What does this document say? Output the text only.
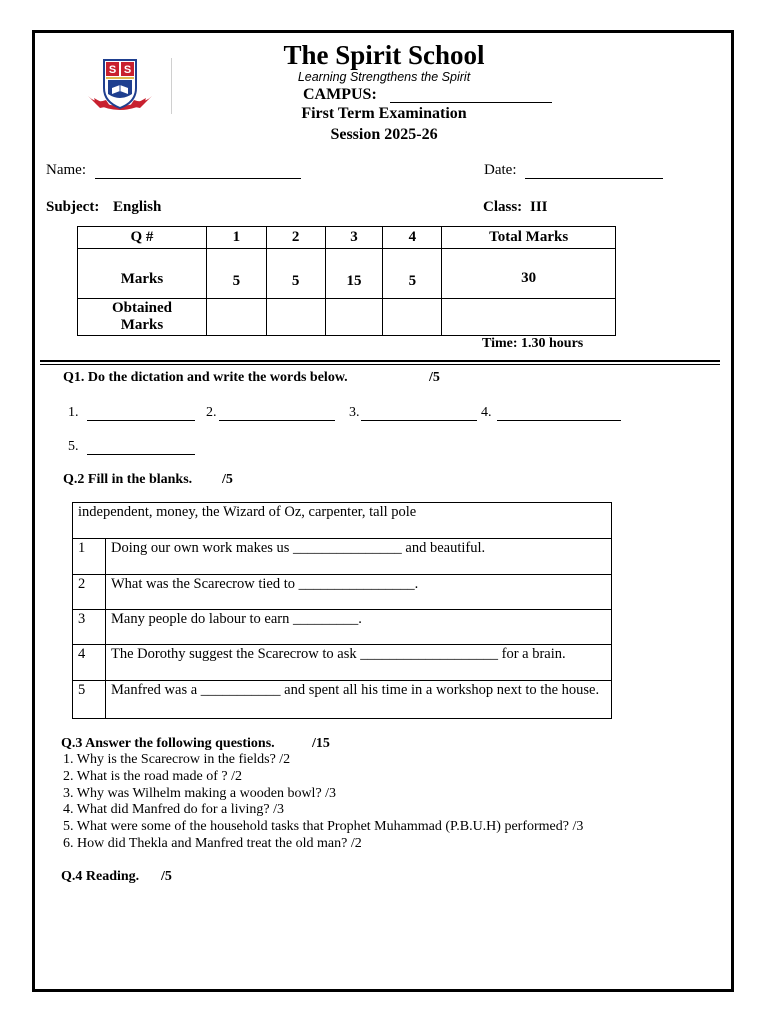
S S	The Spirit School
Learning Strengthens the Spirit
CAMPUS:
First Term Examination
Session 2025-26
Name:	Date:
Subject: English	Class: III
Q #	1	2	3	4	Total Marks
Marks	5	5	15	5	30
Obtained Marks					
Time: 1.30 hours
Q1. Do the dictation and write the words below.	/5
1.	2.	3.	4.
5.
Q.2 Fill in the blanks. /5
independent, money, the Wizard of Oz, carpenter, tall pole	
1	Doing our own work makes us _______________ and beautiful.
2	What was the Scarecrow tied to ________________.
3	Many people do labour to earn _________.
4	The Dorothy suggest the Scarecrow to ask ___________________ for a brain.
5	Manfred was a ___________ and spent all his time in a workshop next to the house.
Q.3 Answer the following questions.	/15
1. Why is the Scarecrow in the fields? /2
2. What is the road made of ? /2
3. Why was Wilhelm making a wooden bowl? /3
4. What did Manfred do for a living? /3
5. What were some of the household tasks that Prophet Muhammad (P.B.U.H) performed? /3
6. How did Thekla and Manfred treat the old man? /2
Q.4 Reading. /5
